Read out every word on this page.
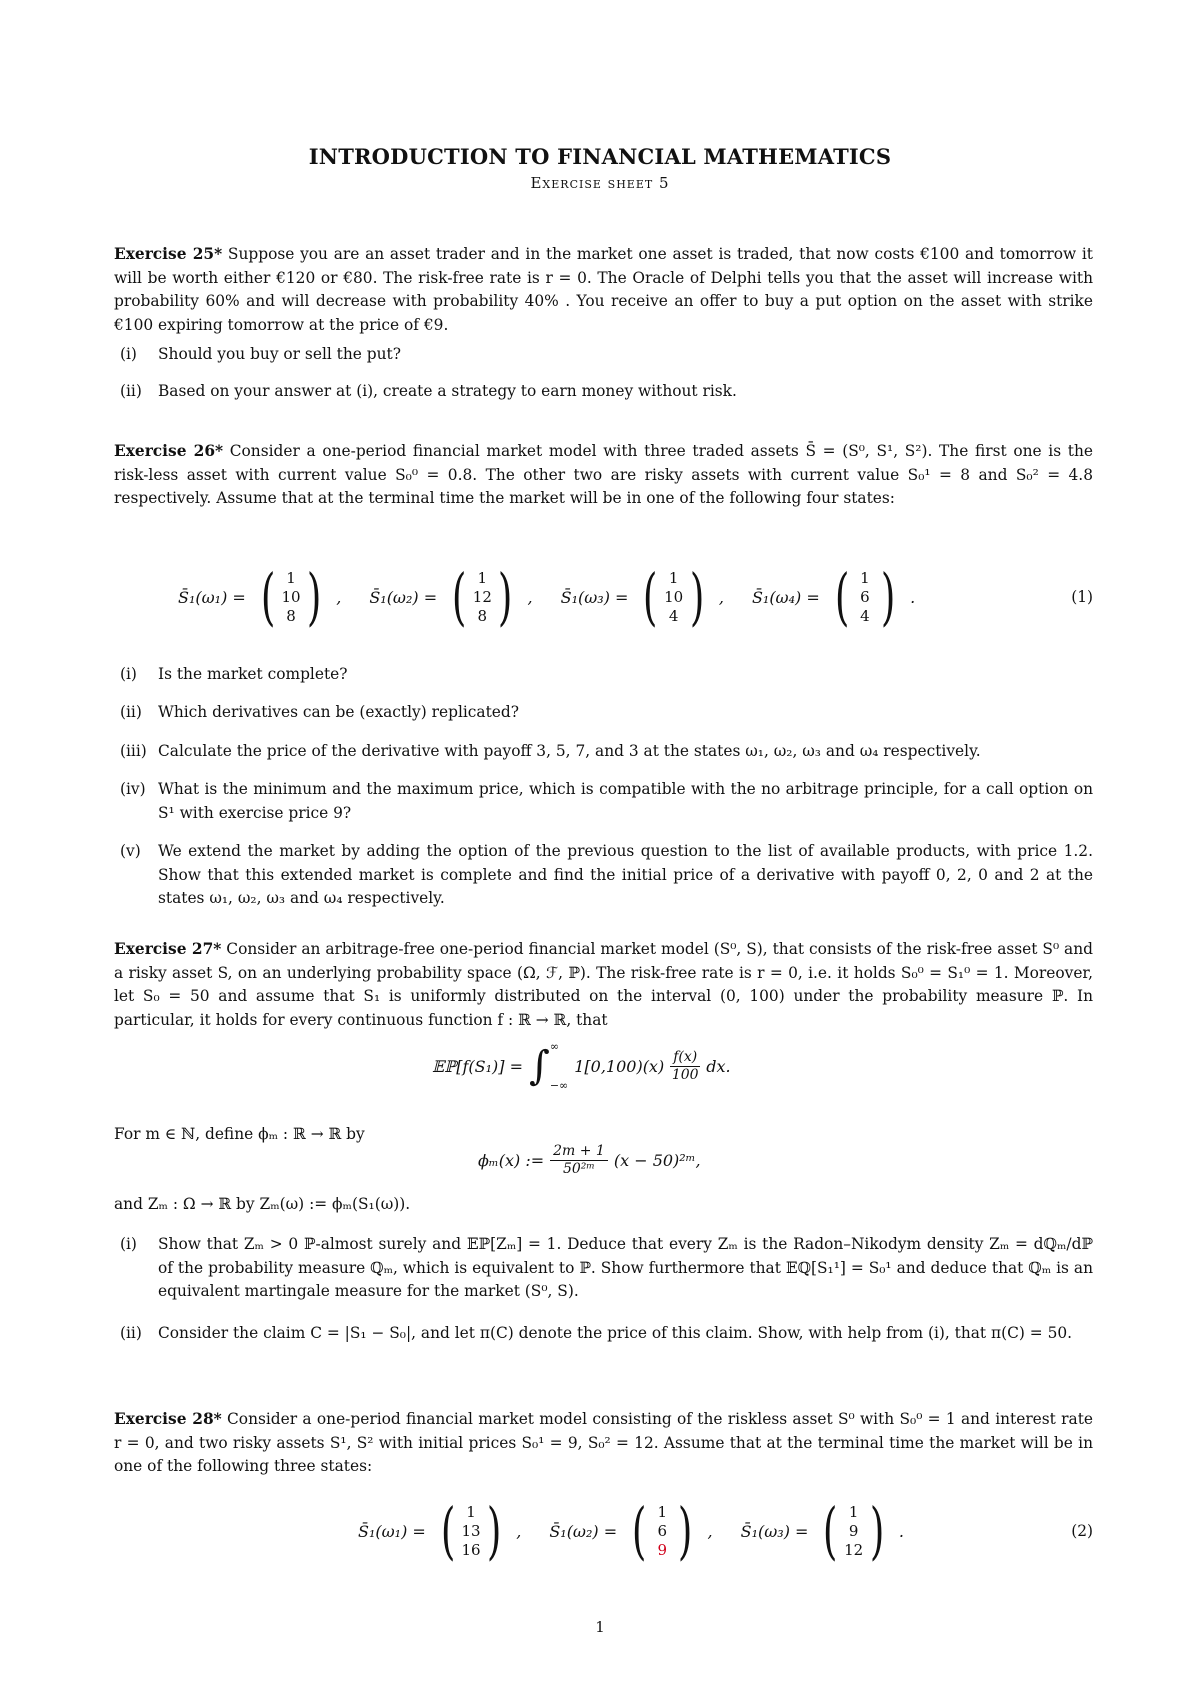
INTRODUCTION TO FINANCIAL MATHEMATICS
Exercise sheet 5
Exercise 25* Suppose you are an asset trader and in the market one asset is traded, that now costs €100 and tomorrow it will be worth either €120 or €80. The risk-free rate is r = 0. The Oracle of Delphi tells you that the asset will increase with probability 60% and will decrease with probability 40% . You receive an offer to buy a put option on the asset with strike €100 expiring tomorrow at the price of €9.
(i)	Should you buy or sell the put?
(ii)	Based on your answer at (i), create a strategy to earn money without risk.
Exercise 26* Consider a one-period financial market model with three traded assets S̄ = (S⁰, S¹, S²). The first one is the risk-less asset with current value S₀⁰ = 0.8. The other two are risky assets with current value S₀¹ = 8 and S₀² = 4.8 respectively. Assume that at the terminal time the market will be in one of the following four states:
S̄₁(ω₁) = ( 1
10
8 ) , S̄₁(ω₂) = ( 1
12
8 ) , S̄₁(ω₃) = ( 1
10
4 ) , S̄₁(ω₄) = ( 1
6
4 ) .	(1)
(i)	Is the market complete?
(ii)	Which derivatives can be (exactly) replicated?
(iii) Calculate the price of the derivative with payoff 3, 5, 7, and 3 at the states ω₁, ω₂, ω₃ and ω₄ respectively.
(iv) What is the minimum and the maximum price, which is compatible with the no arbitrage principle, for a call option on S¹ with exercise price 9?
(v)	We extend the market by adding the option of the previous question to the list of available products, with price 1.2. Show that this extended market is complete and find the initial price of a derivative with payoff 0, 2, 0 and 2 at the states ω₁, ω₂, ω₃ and ω₄ respectively.
Exercise 27* Consider an arbitrage-free one-period financial market model (S⁰, S), that consists of the risk-free asset S⁰ and a risky asset S, on an underlying probability space (Ω, ℱ, ℙ). The risk-free rate is r = 0, i.e. it holds S₀⁰ = S₁⁰ = 1. Moreover, let S₀ = 50 and assume that S₁ is uniformly distributed on the interval (0, 100) under the probability measure ℙ. In particular, it holds for every continuous function f : ℝ → ℝ, that
𝔼ℙ[f(S₁)] = ∫ ∞
−∞
$1[0,100)(x) \frac{f(x)}{100}$ dx.
For m ∈ ℕ, define ϕₘ : ℝ → ℝ by
ϕₘ(x) := $\frac{2m + 1}{\text{50²ᵐ}} (x$ − 50)²ᵐ,
and Zₘ : Ω → ℝ by Zₘ(ω) := ϕₘ(S₁(ω)).
(i)	Show that Zₘ > 0 ℙ-almost surely and 𝔼ℙ[Zₘ] = 1. Deduce that every Zₘ is the Radon–Nikodym density Zₘ = dℚₘ/dℙ of the probability measure ℚₘ, which is equivalent to ℙ. Show furthermore that 𝔼ℚ[S₁¹] = S₀¹ and deduce that ℚₘ is an equivalent martingale measure for the market (S⁰, S).
(ii)	Consider the claim C = |S₁ − S₀|, and let π(C) denote the price of this claim. Show, with help from (i), that π(C) = 50.
Exercise 28* Consider a one-period financial market model consisting of the riskless asset S⁰ with S₀⁰ = 1 and interest rate r = 0, and two risky assets S¹, S² with initial prices S₀¹ = 9, S₀² = 12. Assume that at the terminal time the market will be in one of the following three states:
S̄₁(ω₁) = ( 1
13
16 ) , S̄₁(ω₂) = ( 1
6
9 ) , S̄₁(ω₃) = ( 1
9
12 ) .	(2)
1
